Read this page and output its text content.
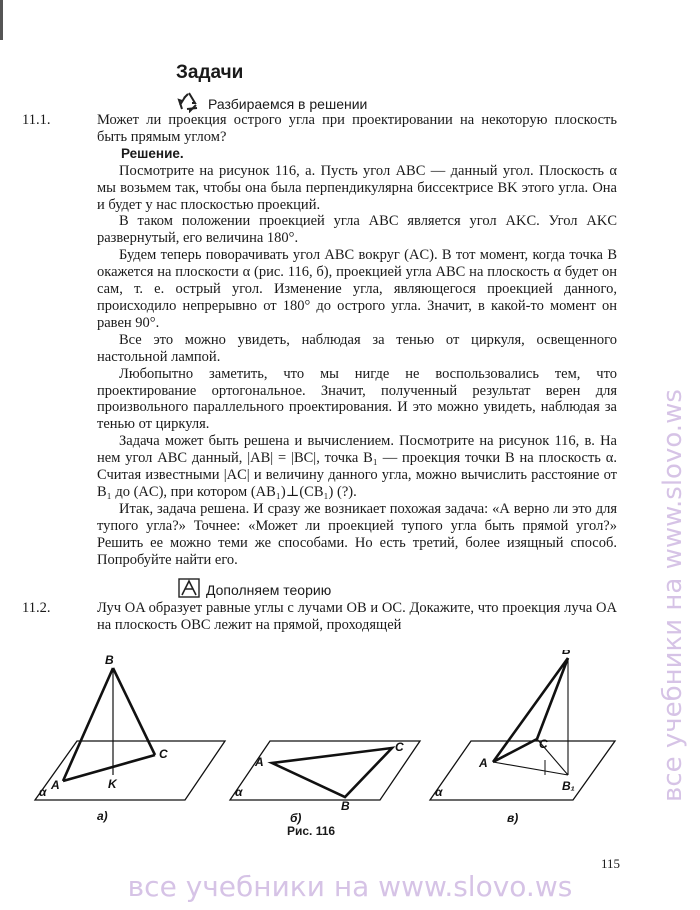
Задачи
Разбираемся в решении
11.1.	Может ли проекция острого угла при проектировании на некоторую плоскость быть прямым углом?

Решение.

Посмотрите на рисунок 116, а. Пусть угол ABC — данный угол. Плоскость α мы возьмем так, чтобы она была перпендикулярна биссектрисе BK этого угла. Она и будет у нас плоскостью проекций.

В таком положении проекцией угла ABC является угол AKC. Угол AKC развернутый, его величина 180°.

Будем теперь поворачивать угол ABC вокруг (AC). В тот момент, когда точка B окажется на плоскости α (рис. 116, б), проекцией угла ABC на плоскость α будет он сам, т. е. острый угол. Изменение угла, являющегося проекцией данного, происходило непрерывно от 180° до острого угла. Значит, в какой-то момент он равен 90°.

Все это можно увидеть, наблюдая за тенью от циркуля, освещенного настольной лампой.

Любопытно заметить, что мы нигде не воспользовались тем, что проектирование ортогональное. Значит, полученный результат верен для произвольного параллельного проектирования. И это можно увидеть, наблюдая за тенью от циркуля.

Задача может быть решена и вычислением. Посмотрите на рисунок 116, в. На нем угол ABC данный, |AB| = |BC|, точка B₁ — проекция точки B на плоскость α. Считая известными |AC| и величину данного угла, можно вычислить расстояние от B₁ до (AC), при котором (AB₁)⊥(CB₁) (?).

Итак, задача решена. И сразу же возникает похожая задача: «А верно ли это для тупого угла?» Точнее: «Может ли проекцией тупого угла быть прямой угол?» Решить ее можно теми же способами. Но есть третий, более изящный способ. Попробуйте найти его.

Дополняем теорию
11.2.	Луч OA образует равные углы с лучами OB и OC. Докажите, что проекция луча OA на плоскость OBC лежит на прямой, проходящей

B
A
C
K
α
A
B
C
α
B
A
C
B₁
α
а)	б)	в)
Рис. 116
115
все учебники на www.slovo.ws
все учебники на www.slovo.ws
